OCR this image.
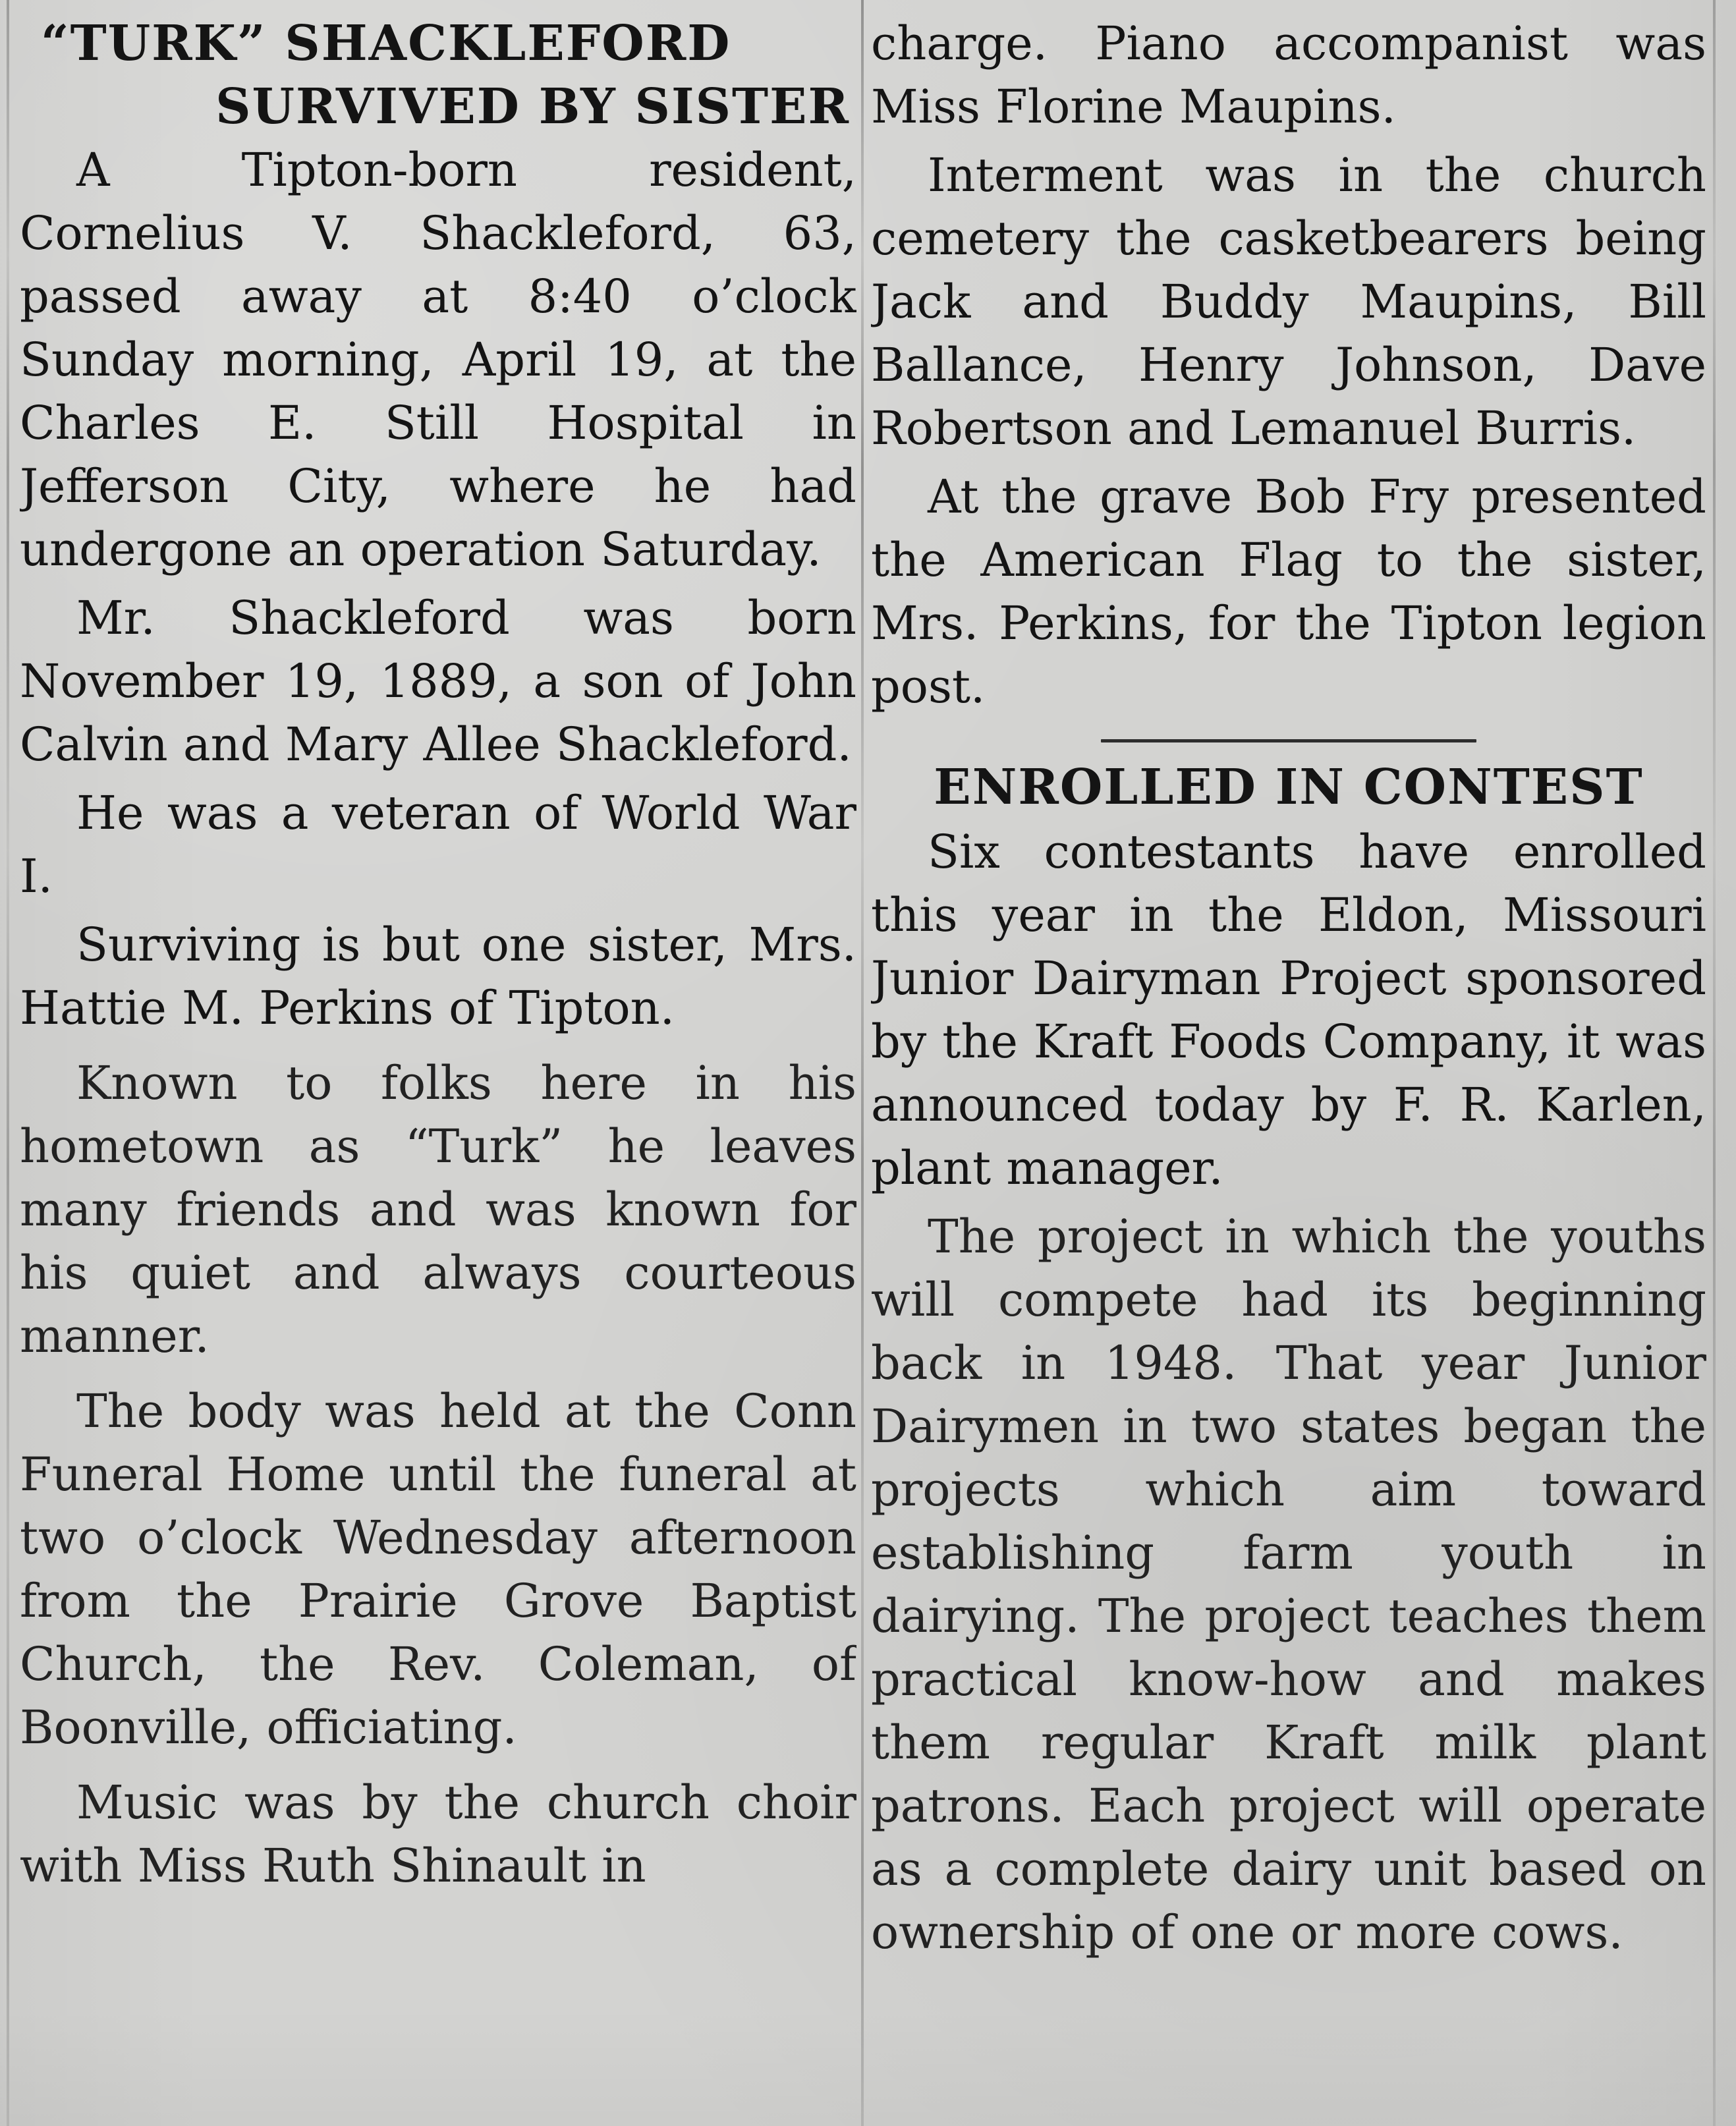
“TURK” SHACKLEFORD
SURVIVED BY SISTER

A Tipton-born resident, Cornelius V. Shackleford, 63, passed away at 8:40 o’clock Sunday morning, April 19, at the Charles E. Still Hospital in Jefferson City, where he had undergone an operation Saturday.

Mr. Shackleford was born November 19, 1889, a son of John Calvin and Mary Allee Shackleford.

He was a veteran of World War I.

Surviving is but one sister, Mrs. Hattie M. Perkins of Tipton.

Known to folks here in his hometown as “Turk” he leaves many friends and was known for his quiet and always courteous manner.

The body was held at the Conn Funeral Home until the funeral at two o’clock Wednesday afternoon from the Prairie Grove Baptist Church, the Rev. Coleman, of Boonville, officiating.

Music was by the church choir with Miss Ruth Shinault in

charge. Piano accompanist was Miss Florine Maupins.

Interment was in the church cemetery the casketbearers being Jack and Buddy Maupins, Bill Ballance, Henry Johnson, Dave Robertson and Lemanuel Burris.

At the grave Bob Fry presented the American Flag to the sister, Mrs. Perkins, for the Tipton legion post.

ENROLLED IN CONTEST

Six contestants have enrolled this year in the Eldon, Missouri Junior Dairyman Project sponsored by the Kraft Foods Company, it was announced today by F. R. Karlen, plant manager.

The project in which the youths will compete had its beginning back in 1948. That year Junior Dairymen in two states began the projects which aim toward establishing farm youth in dairying. The project teaches them practical know-how and makes them regular Kraft milk plant patrons. Each project will operate as a complete dairy unit based on ownership of one or more cows.
